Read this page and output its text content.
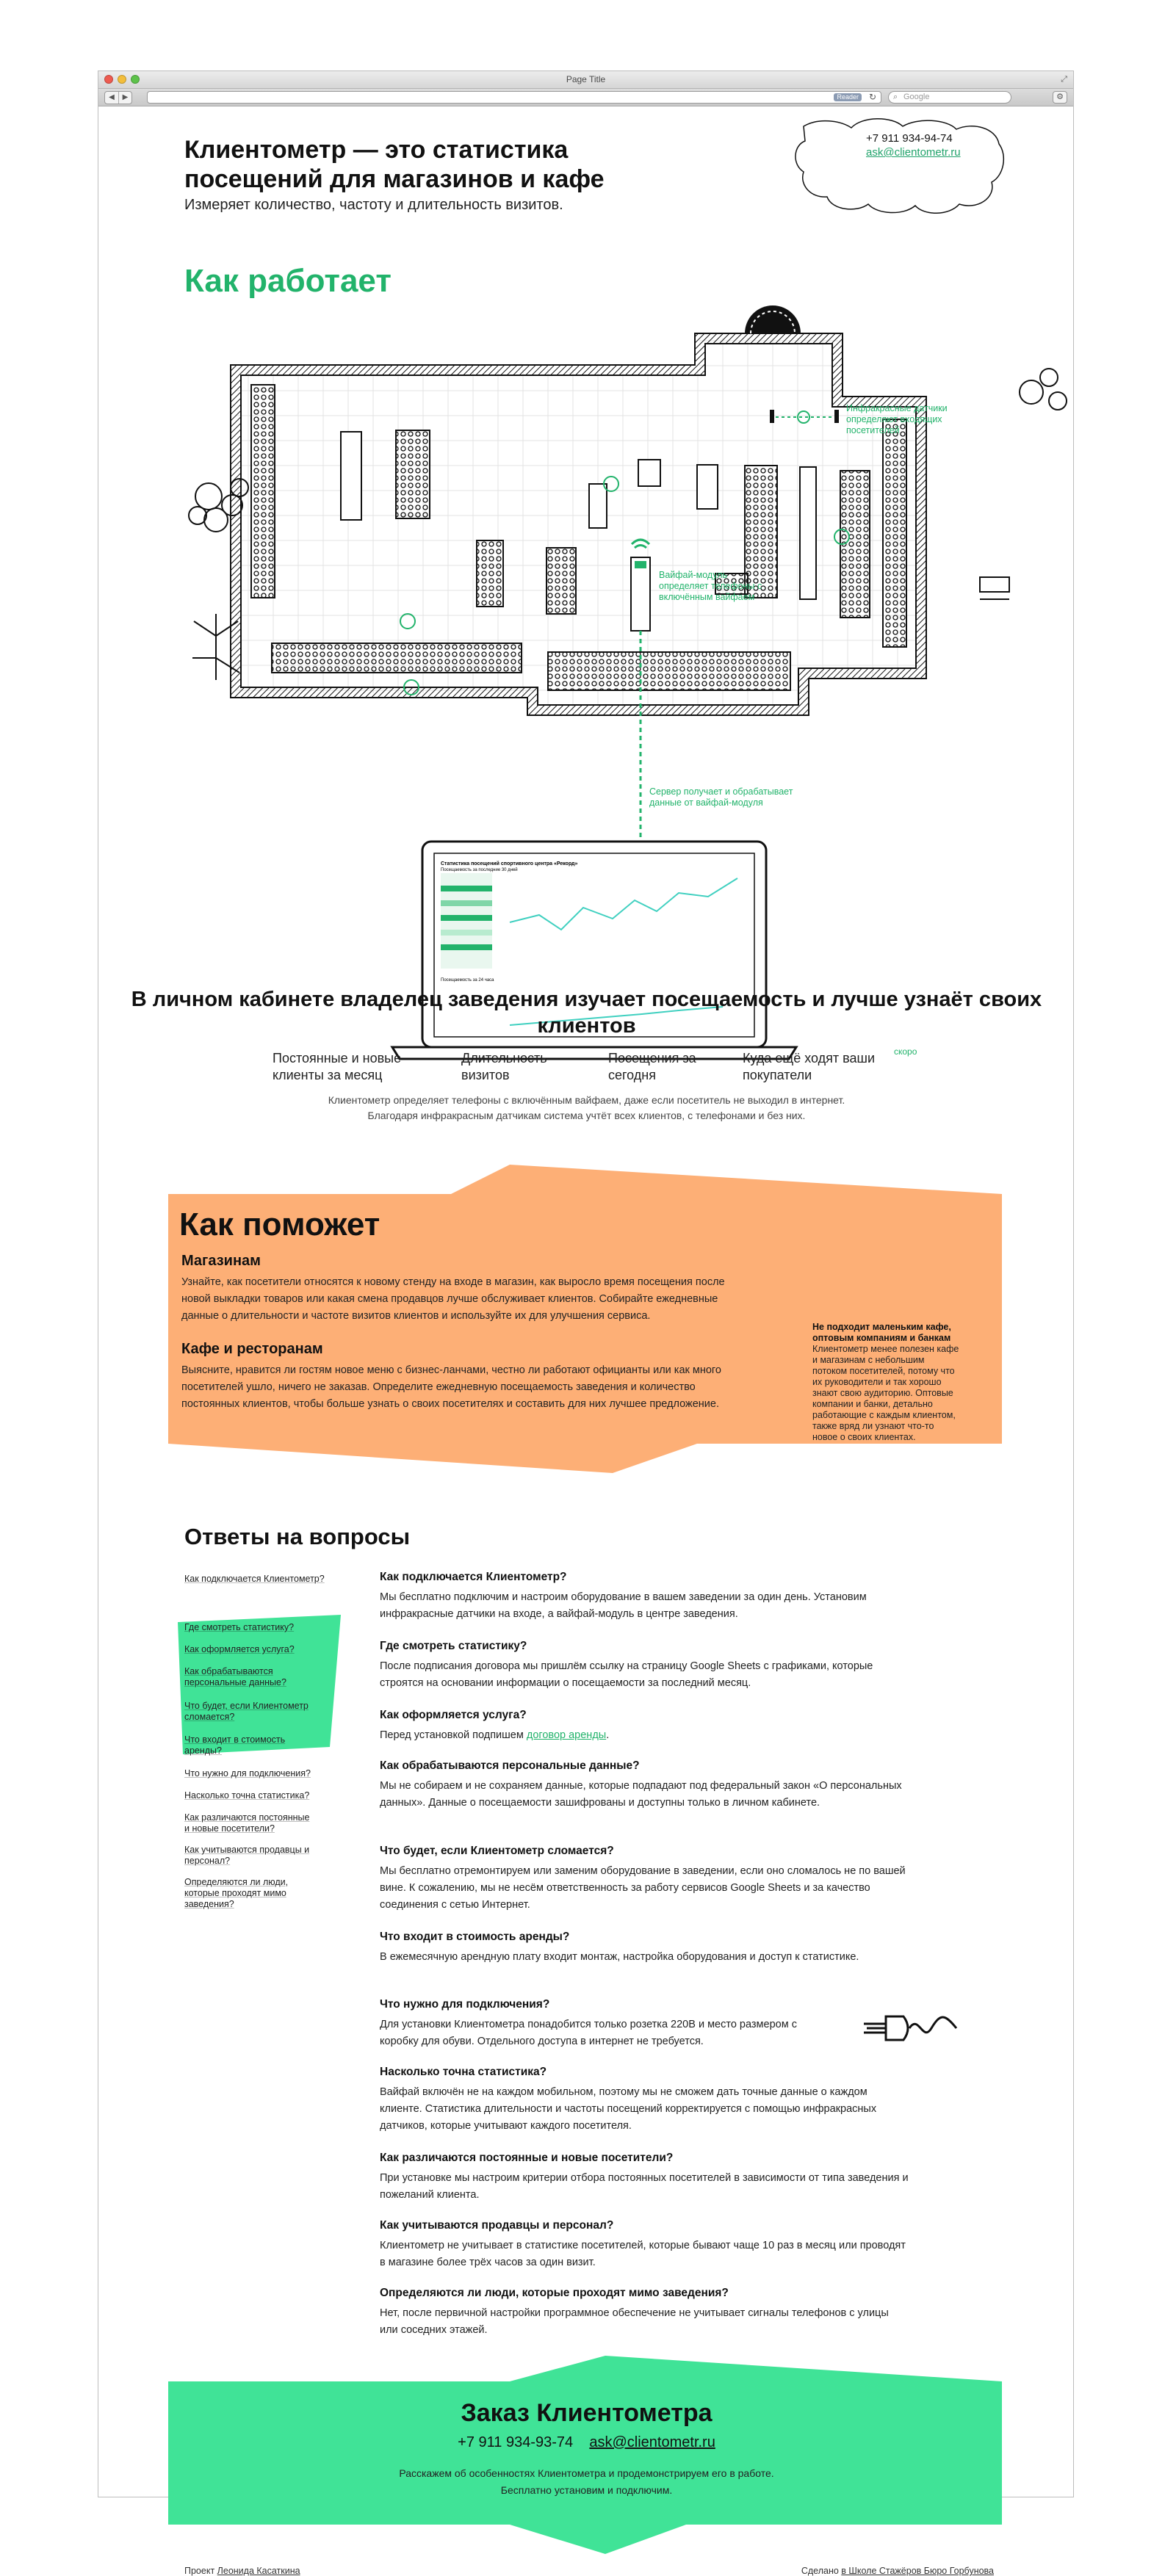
Page Title	⤢
◀	▶	Reader	↻ ⌕ Google	⚙
Клиентометр — это статистика посещений для магазинов и кафе

Измеряет количество, частоту и длительность визитов.

+7 911 934-94-74
ask@clientometr.ru
Как работает
Статистика посещений спортивного центра «Рекорд»
Посещаемость за последние 30 дней
Посещаемость за 24 часа
Инфракрасные датчики определяют входящих посетителей
Вайфай-модуль определяет телефоны с включённым вайфаем
Сервер получает и обрабатывает данные от вайфай-модуля
В личном кабинете владелец заведения изучает посещаемость и лучше узнаёт своих клиентов
Постоянные и новые клиенты за месяц
Длительность визитов
Посещения за сегодня
Куда ещё ходят ваши покупатели
скоро
Клиентометр определяет телефоны с включённым вайфаем, даже если посетитель не выходил в интернет.
Благодаря инфракрасным датчикам система учтёт всех клиентов, с телефонами и без них.
Как поможет
Магазинам

Узнайте, как посетители относятся к новому стенду на входе в магазин, как выросло время посещения после новой выкладки товаров или какая смена продавцов лучше обслуживает клиентов. Собирайте ежедневные данные о длительности и частоте визитов клиентов и используйте их для улучшения сервиса.

Кафе и ресторанам

Выясните, нравится ли гостям новое меню с бизнес-ланчами, честно ли работают официанты или как много посетителей ушло, ничего не заказав. Определите ежедневную посещаемость заведения и количество постоянных клиентов, чтобы больше узнать о своих посетителях и составить для них лучшее предложение.

Не подходит маленьким кафе, оптовым компаниям и банкам
Клиентометр менее полезен кафе и магазинам с небольшим потоком посетителей, потому что их руководители и так хорошо знают свою аудиторию. Оптовые компании и банки, детально работающие с каждым клиентом, также вряд ли узнают что-то новое о своих клиентах.
Ответы на вопросы
Как подключается Клиентометр?
Где смотреть статистику?
Как оформляется услуга?
Как обрабатываются персональные данные?
Что будет, если Клиентометр сломается?
Что входит в стоимость аренды?
Что нужно для подключения?
Насколько точна статистика?
Как различаются постоянные и новые посетители?
Как учитываются продавцы и персонал?
Определяются ли люди, которые проходят мимо заведения?
Как подключается Клиентометр?
Мы бесплатно подключим и настроим оборудование в вашем заведении за один день. Установим инфракрасные датчики на входе, а вайфай-модуль в центре заведения.
Где смотреть статистику?
После подписания договора мы пришлём ссылку на страницу Google Sheets с графиками, которые строятся на основании информации о посещаемости за последний месяц.
Как оформляется услуга?
Перед установкой подпишем договор аренды.
Как обрабатываются персональные данные?
Мы не собираем и не сохраняем данные, которые подпадают под федеральный закон «О персональных данных». Данные о посещаемости зашифрованы и доступны только в личном кабинете.
Что будет, если Клиентометр сломается?
Мы бесплатно отремонтируем или заменим оборудование в заведении, если оно сломалось не по вашей вине. К сожалению, мы не несём ответственность за работу сервисов Google Sheets и за качество соединения с сетью Интернет.
Что входит в стоимость аренды?
В ежемесячную арендную плату входит монтаж, настройка оборудования и доступ к статистике.
Что нужно для подключения?
Для установки Клиентометра понадобится только розетка 220В и место размером с коробку для обуви. Отдельного доступа в интернет не требуется.
Насколько точна статистика?
Вайфай включён не на каждом мобильном, поэтому мы не сможем дать точные данные о каждом клиенте. Статистика длительности и частоты посещений корректируется с помощью инфракрасных датчиков, которые учитывают каждого посетителя.
Как различаются постоянные и новые посетители?
При установке мы настроим критерии отбора постоянных посетителей в зависимости от типа заведения и пожеланий клиента.
Как учитываются продавцы и персонал?
Клиентометр не учитывает в статистике посетителей, которые бывают чаще 10 раз в месяц или проводят в магазине более трёх часов за один визит.
Определяются ли люди, которые проходят мимо заведения?
Нет, после первичной настройки программное обеспечение не учитывает сигналы телефонов с улицы или соседних этажей.
Заказ Клиентометра
+7 911 934-93-74 ask@clientometr.ru
Расскажем об особенностях Клиентометра и продемонстрируем его в работе.
Бесплатно установим и подключим.
Проект Леонида Касаткина	Сделано в Школе Стажёров Бюро Горбунова
